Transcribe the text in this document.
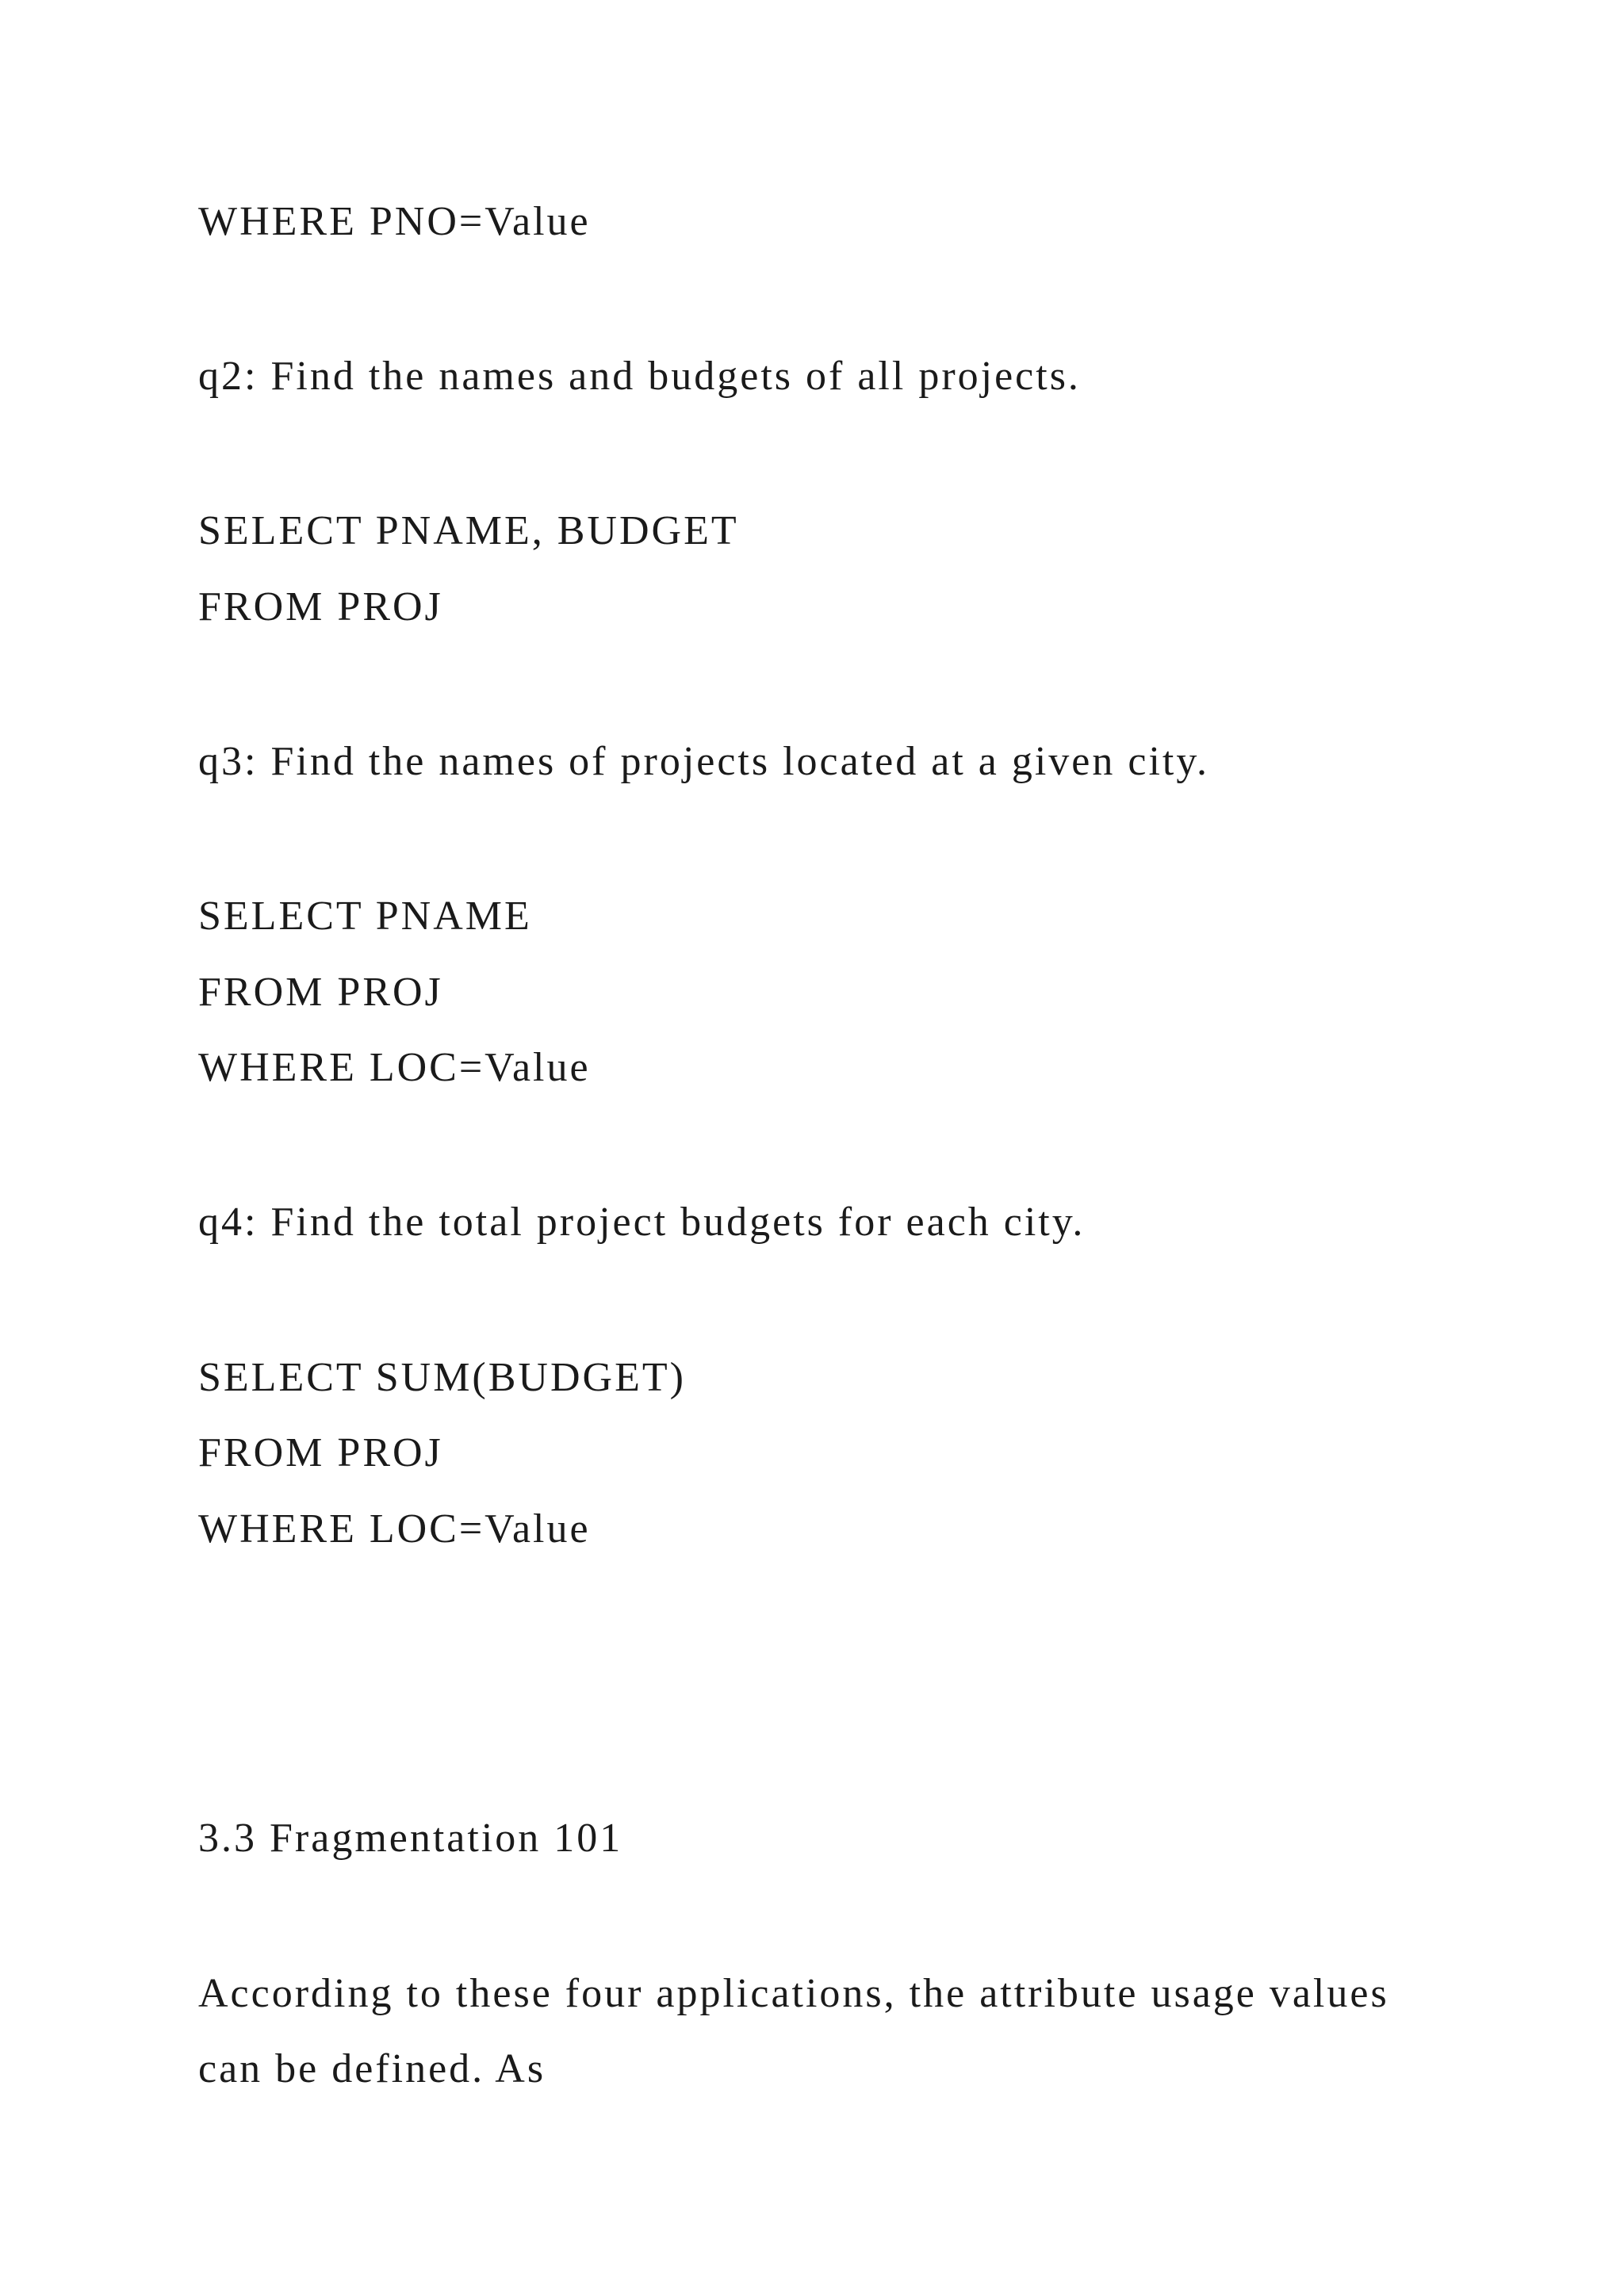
WHERE PNO=Value
q2: Find the names and budgets of all projects.
SELECT PNAME, BUDGET
FROM PROJ
q3: Find the names of projects located at a given city.
SELECT PNAME
FROM PROJ
WHERE LOC=Value
q4: Find the total project budgets for each city.
SELECT SUM(BUDGET)
FROM PROJ
WHERE LOC=Value
3.3 Fragmentation 101
According to these four applications, the attribute usage values
can be defined. As
